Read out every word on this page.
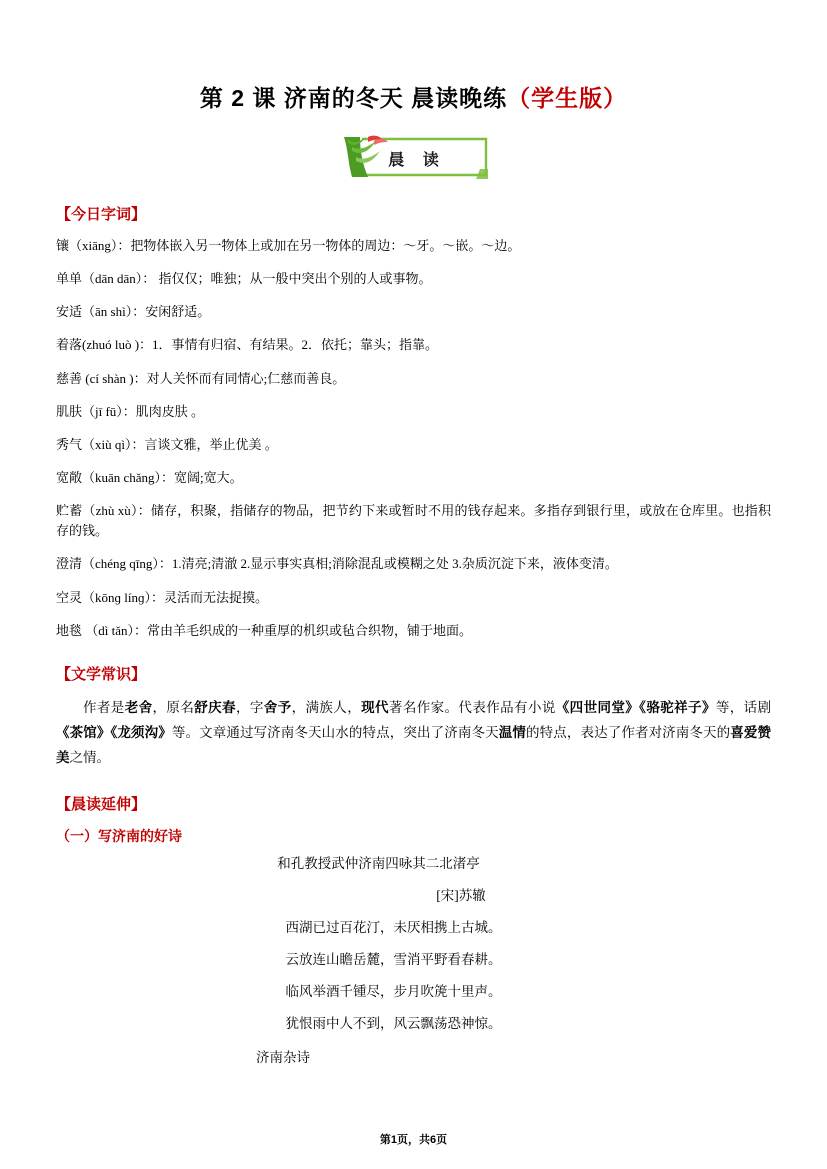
第 2 课 济南的冬天 晨读晚练（学生版）
晨 读
【今日字词】

镶（xiāng）：把物体嵌入另一物体上或加在另一物体的周边：～牙。～嵌。～边。

单单（dān dān）： 指仅仅；唯独；从一般中突出个别的人或事物。

安适（ān shì）：安闲舒适。

着落(zhuó luò )：1．事情有归宿、有结果。2．依托；靠头；指靠。

慈善 (cí shàn )：对人关怀而有同情心;仁慈而善良。

肌肤（jī fū）：肌肉皮肤 。

秀气（xiù qì）：言谈文雅，举止优美 。

宽敞（kuān chǎng）：宽阔;宽大。

贮蓄（zhù xù）：储存，积聚，指储存的物品，把节约下来或暂时不用的钱存起来。多指存到银行里，或放在仓库里。也指积存的钱。

澄清（chéng qīng）：1.清亮;清澈 2.显示事实真相;消除混乱或模糊之处 3.杂质沉淀下来，液体变清。

空灵（kōnɡ línɡ）：灵活而无法捉摸。

地毯 （dì tǎn）：常由羊毛织成的一种重厚的机织或毡合织物，铺于地面。

【文学常识】

作者是老舍，原名舒庆春，字舍予，满族人，现代著名作家。代表作品有小说《四世同堂》《骆驼祥子》等，话剧《茶馆》《龙须沟》等。文章通过写济南冬天山水的特点，突出了济南冬天温情的特点，表达了作者对济南冬天的喜爱赞美之情。

【晨读延伸】
（一）写济南的好诗

和孔教授武仲济南四咏其二北渚亭

[宋]苏辙

西湖已过百花汀，未厌相携上古城。

云放连山瞻岳麓，雪消平野看春耕。

临风举酒千锺尽，步月吹箎十里声。

犹恨雨中人不到，风云飘荡恐神惊。

济南杂诗

第1页，共6页
